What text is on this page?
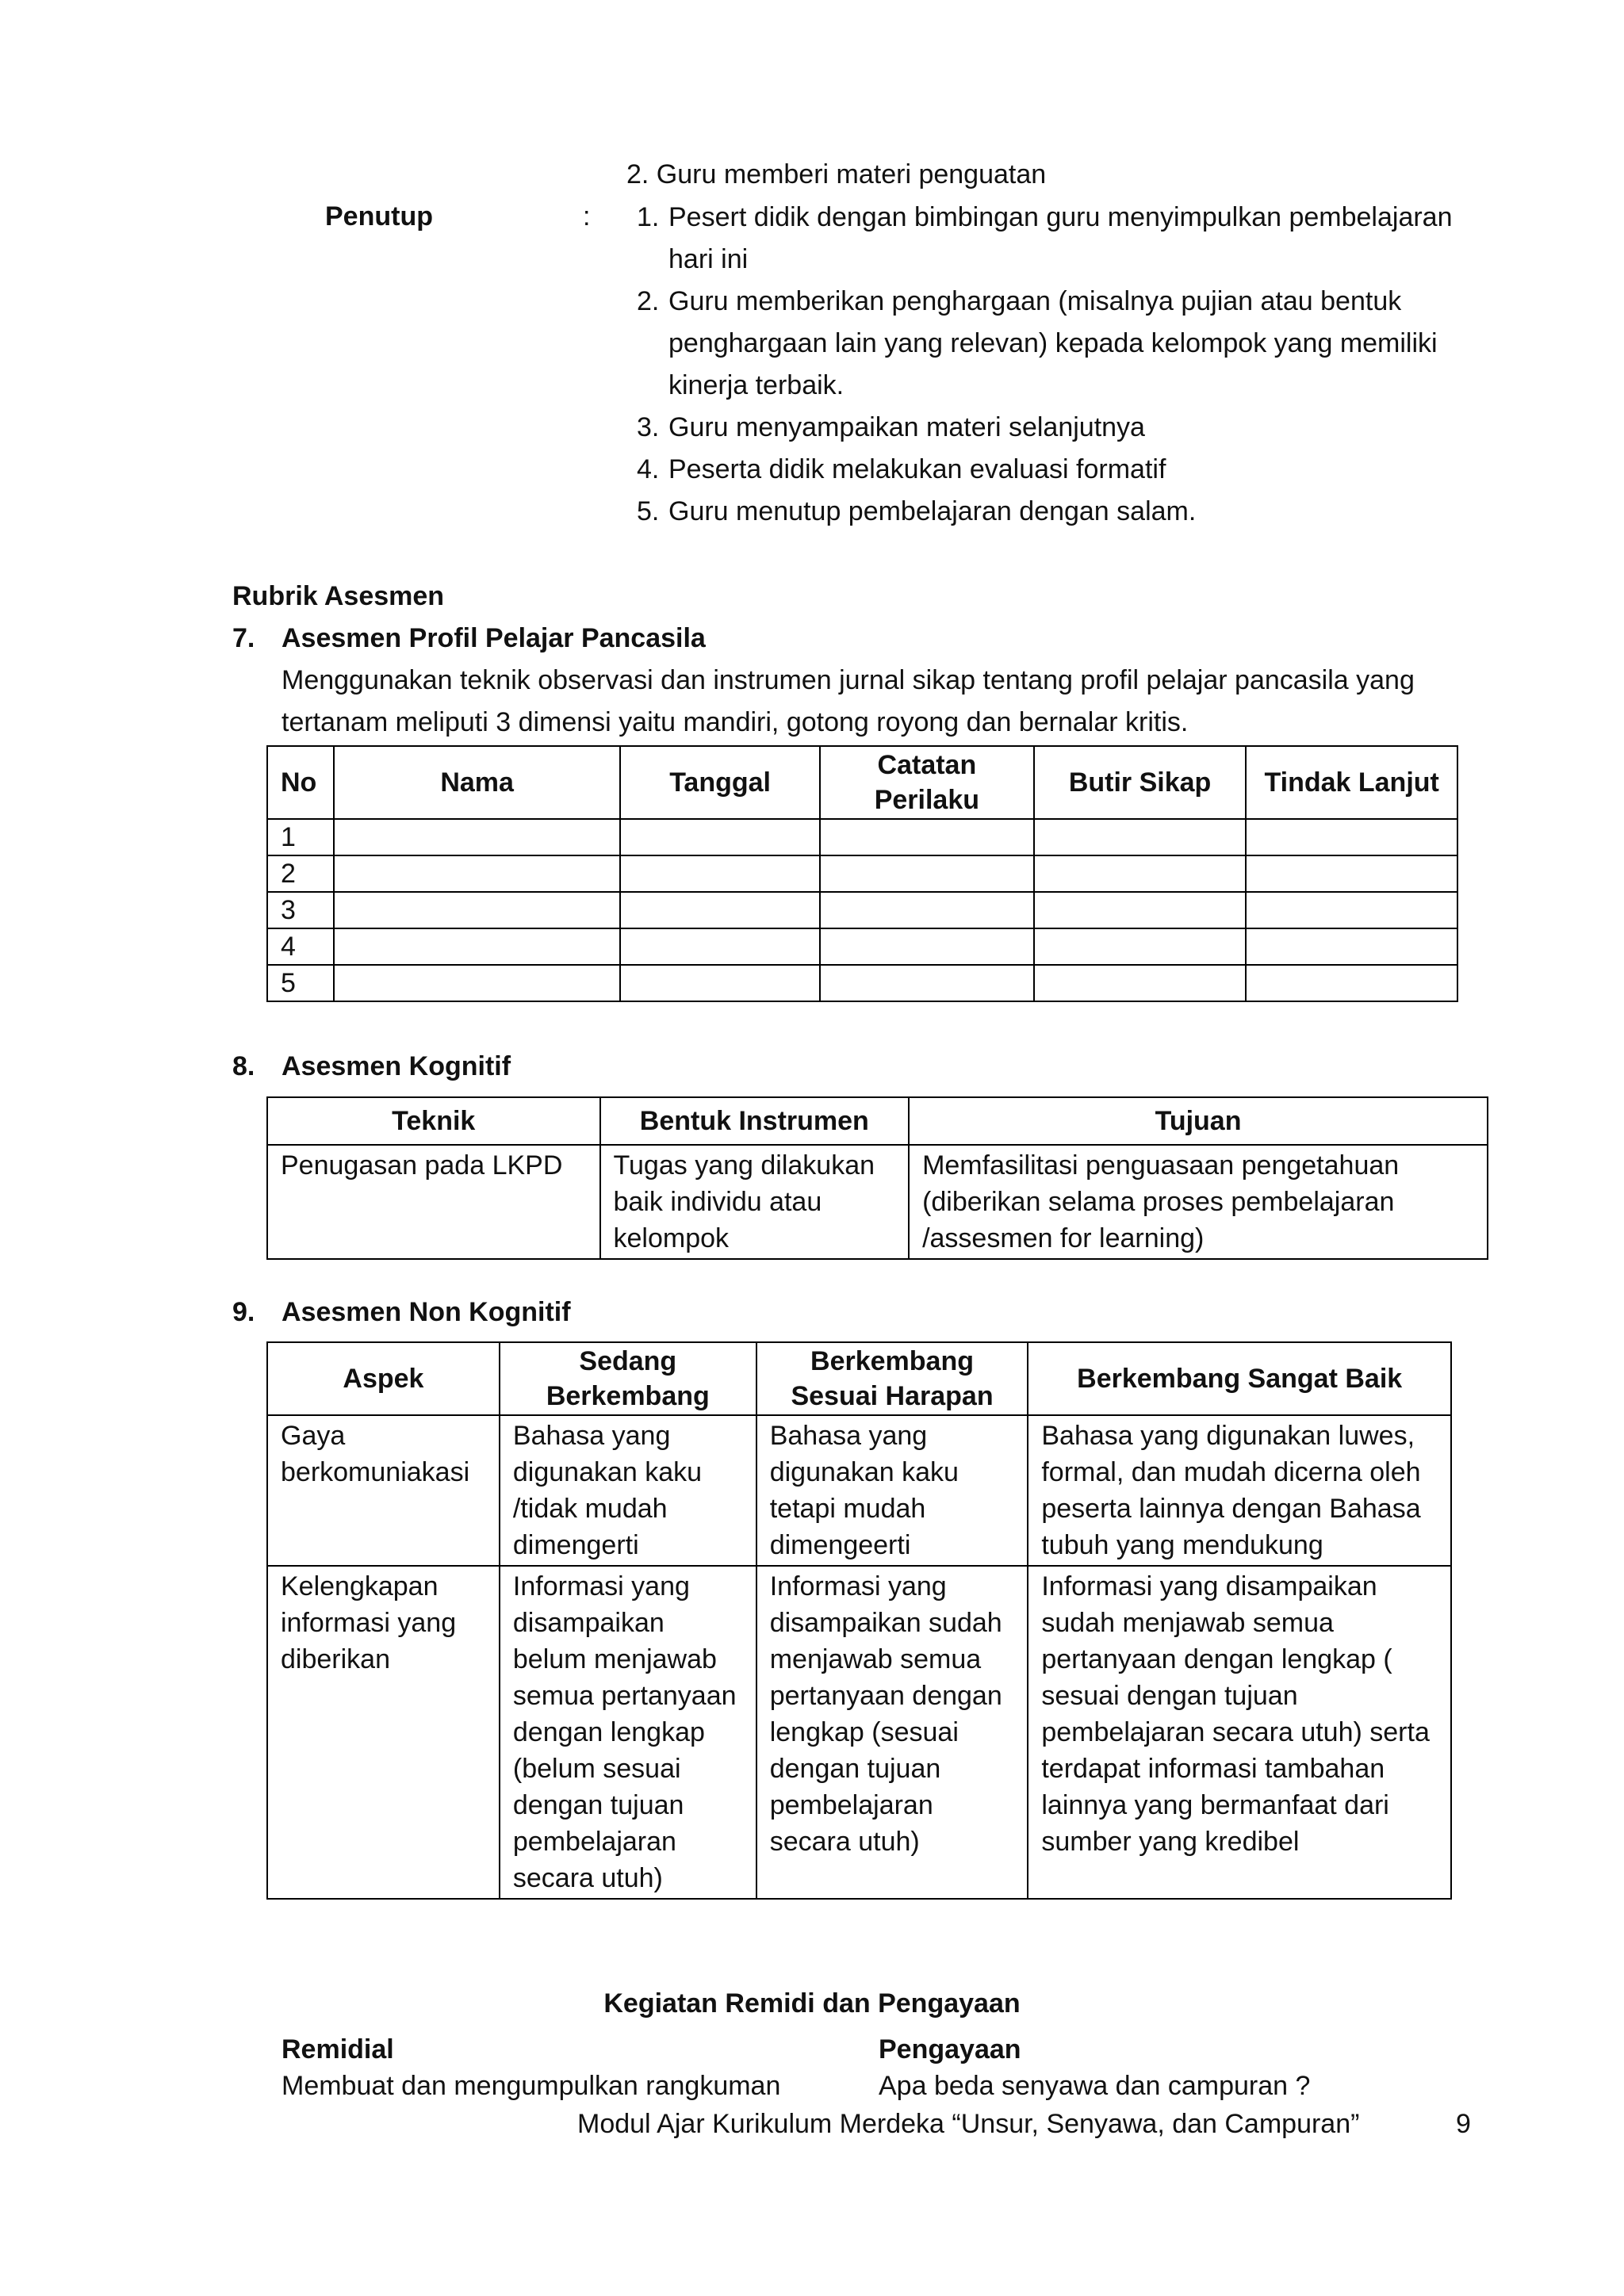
2. Guru memberi materi penguatan
Penutup	: 1. Pesert didik dengan bimbingan guru menyimpulkan pembelajaran hari ini
2. Guru memberikan penghargaan (misalnya pujian atau bentuk penghargaan lain yang relevan) kepada kelompok yang memiliki kinerja terbaik.
3. Guru menyampaikan materi selanjutnya
4. Peserta didik melakukan evaluasi formatif
5. Guru menutup pembelajaran dengan salam.
Rubrik Asesmen
7. Asesmen Profil Pelajar Pancasila
Menggunakan teknik observasi dan instrumen jurnal sikap tentang profil pelajar pancasila yang tertanam meliputi 3 dimensi yaitu mandiri, gotong royong dan bernalar kritis.
No	Nama	Tanggal	Catatan Perilaku	Butir Sikap	Tindak Lanjut
1					
2					
3					
4					
5					
8. Asesmen Kognitif
Teknik	Bentuk Instrumen	Tujuan
Penugasan pada LKPD	Tugas yang dilakukan baik individu atau kelompok	Memfasilitasi penguasaan pengetahuan (diberikan selama proses pembelajaran /assesmen for learning)
9. Asesmen Non Kognitif
Aspek	Sedang Berkembang	Berkembang Sesuai Harapan	Berkembang Sangat Baik
Gaya berkomuniakasi	Bahasa yang digunakan kaku /tidak mudah dimengerti	Bahasa yang digunakan kaku tetapi mudah dimengeerti	Bahasa yang digunakan luwes, formal, dan mudah dicerna oleh peserta lainnya dengan Bahasa tubuh yang mendukung
Kelengkapan informasi yang diberikan	Informasi yang disampaikan belum menjawab semua pertanyaan dengan lengkap (belum sesuai dengan tujuan pembelajaran secara utuh)	Informasi yang disampaikan sudah menjawab semua pertanyaan dengan lengkap (sesuai dengan tujuan pembelajaran secara utuh)	Informasi yang disampaikan sudah menjawab semua pertanyaan dengan lengkap ( sesuai dengan tujuan pembelajaran secara utuh) serta terdapat informasi tambahan lainnya yang bermanfaat dari sumber yang kredibel
Kegiatan Remidi dan Pengayaan
Remidial
Membuat dan mengumpulkan rangkuman
Pengayaan
Apa beda senyawa dan campuran ?
Modul Ajar Kurikulum Merdeka “Unsur, Senyawa, dan Campuran”	9
